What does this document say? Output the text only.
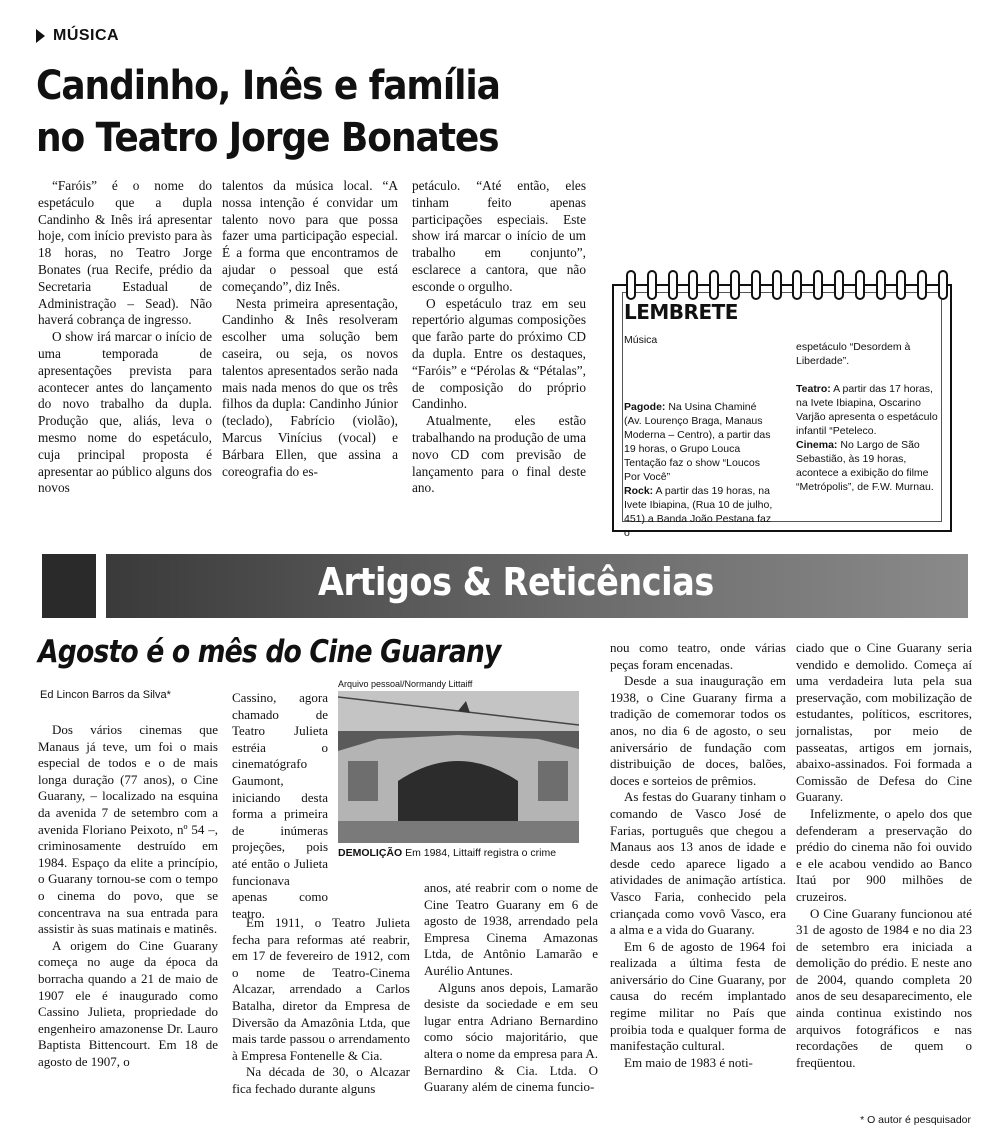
MÚSICA
Candinho, Inês e família no Teatro Jorge Bonates

“Faróis” é o nome do espetáculo que a dupla Candinho & Inês irá apresentar hoje, com início previsto para às 18 horas, no Teatro Jorge Bonates (rua Recife, prédio da Secretaria Estadual de Administração – Sead). Não haverá cobrança de ingresso.

O show irá marcar o início de uma temporada de apresentações prevista para acontecer antes do lançamento do novo trabalho da dupla. Produção que, aliás, leva o mesmo nome do espetáculo, cuja principal proposta é apresentar ao público alguns dos novos

talentos da música local. “A nossa intenção é convidar um talento novo para que possa fazer uma participação especial. É a forma que encontramos de ajudar o pessoal que está começando”, diz Inês.

Nesta primeira apresentação, Candinho & Inês resolveram escolher uma solução bem caseira, ou seja, os novos talentos apresentados serão nada mais nada menos do que os três filhos da dupla: Candinho Júnior (teclado), Fabrício (violão), Marcus Vinícius (vocal) e Bárbara Ellen, que assina a coreografia do es-

petáculo. “Até então, eles tinham feito apenas participações especiais. Este show irá marcar o início de um trabalho em conjunto”, esclarece a cantora, que não esconde o orgulho.

O espetáculo traz em seu repertório algumas composições que farão parte do próximo CD da dupla. Entre os destaques, “Faróis” e “Pérolas & “Pétalas”, de composição do próprio Candinho.

Atualmente, eles estão trabalhando na produção de uma novo CD com previsão de lançamento para o final deste ano.

LEMBRETE
Música
Pagode: Na Usina Chaminé (Av. Lourenço Braga, Manaus Moderna – Centro), a partir das 19 horas, o Grupo Louca Tentação faz o show “Loucos Por Você”
Rock: A partir das 19 horas, na Ivete Ibiapina, (Rua 10 de julho, 451) a Banda João Pestana faz o
espetáculo “Desordem à Liberdade”.
Teatro: A partir das 17 horas, na Ivete Ibiapina, Oscarino Varjão apresenta o espetáculo infantil “Peteleco.
Cinema: No Largo de São Sebastião, às 19 horas, acontece a exibição do filme “Metrópolis”, de F.W. Murnau.
Artigos & Reticências
Agosto é o mês do Cine Guarany
Ed Lincon Barros da Silva*

Dos vários cinemas que Manaus já teve, um foi o mais especial de todos e o de mais longa duração (77 anos), o Cine Guarany, – localizado na esquina da avenida 7 de setembro com a avenida Floriano Peixoto, nº 54 –, criminosamente destruído em 1984. Espaço da elite a princípio, o Guarany tornou-se com o tempo o cinema do povo, que se concentrava na sua entrada para assistir às suas matinais e matinês.

A origem do Cine Guarany começa no auge da época da borracha quando a 21 de maio de 1907 ele é inaugurado como Cassino Julieta, propriedade do engenheiro amazonense Dr. Lauro Baptista Bittencourt. Em 18 de agosto de 1907, o

Cassino, agora chamado de Teatro Julieta estréia o cinematógrafo Gaumont, iniciando desta forma a primeira de inúmeras projeções, pois até então o Julieta funcionava apenas como teatro.

Arquivo pessoal/Normandy Littaiff
DEMOLIÇÃO Em 1984, Littaiff registra o crime

Em 1911, o Teatro Julieta fecha para reformas até reabrir, em 17 de fevereiro de 1912, com o nome de Teatro-Cinema Alcazar, arrendado a Carlos Batalha, diretor da Empresa de Diversão da Amazônia Ltda, que mais tarde passou o arrendamento à Empresa Fontenelle & Cia.

Na década de 30, o Alcazar fica fechado durante alguns

anos, até reabrir com o nome de Cine Teatro Guarany em 6 de agosto de 1938, arrendado pela Empresa Cinema Amazonas Ltda, de Antônio Lamarão e Aurélio Antunes.

Alguns anos depois, Lamarão desiste da sociedade e em seu lugar entra Adriano Bernardino como sócio majoritário, que altera o nome da empresa para A. Bernardino & Cia. Ltda. O Guarany além de cinema funcio-

nou como teatro, onde várias peças foram encenadas.

Desde a sua inauguração em 1938, o Cine Guarany firma a tradição de comemorar todos os anos, no dia 6 de agosto, o seu aniversário de fundação com distribuição de doces, balões, doces e sorteios de prêmios.

As festas do Guarany tinham o comando de Vasco José de Farias, português que chegou a Manaus aos 13 anos de idade e desde cedo aparece ligado a atividades de animação artística. Vasco Faria, conhecido pela criançada como vovô Vasco, era a alma e a vida do Guarany.

Em 6 de agosto de 1964 foi realizada a última festa de aniversário do Cine Guarany, por causa do recém implantado regime militar no País que proibia toda e qualquer forma de manifestação cultural.

Em maio de 1983 é noti-

ciado que o Cine Guarany seria vendido e demolido. Começa aí uma verdadeira luta pela sua preservação, com mobilização de estudantes, políticos, escritores, jornalistas, por meio de passeatas, artigos em jornais, abaixo-assinados. Foi formada a Comissão de Defesa do Cine Guarany.

Infelizmente, o apelo dos que defenderam a preservação do prédio do cinema não foi ouvido e ele acabou vendido ao Banco Itaú por 900 milhões de cruzeiros.

O Cine Guarany funcionou até 31 de agosto de 1984 e no dia 23 de setembro era iniciada a demolição do prédio. E neste ano de 2004, quando completa 20 anos de seu desaparecimento, ele ainda continua existindo nos arquivos fotográficos e nas recordações de quem o freqüentou.

* O autor é pesquisador
